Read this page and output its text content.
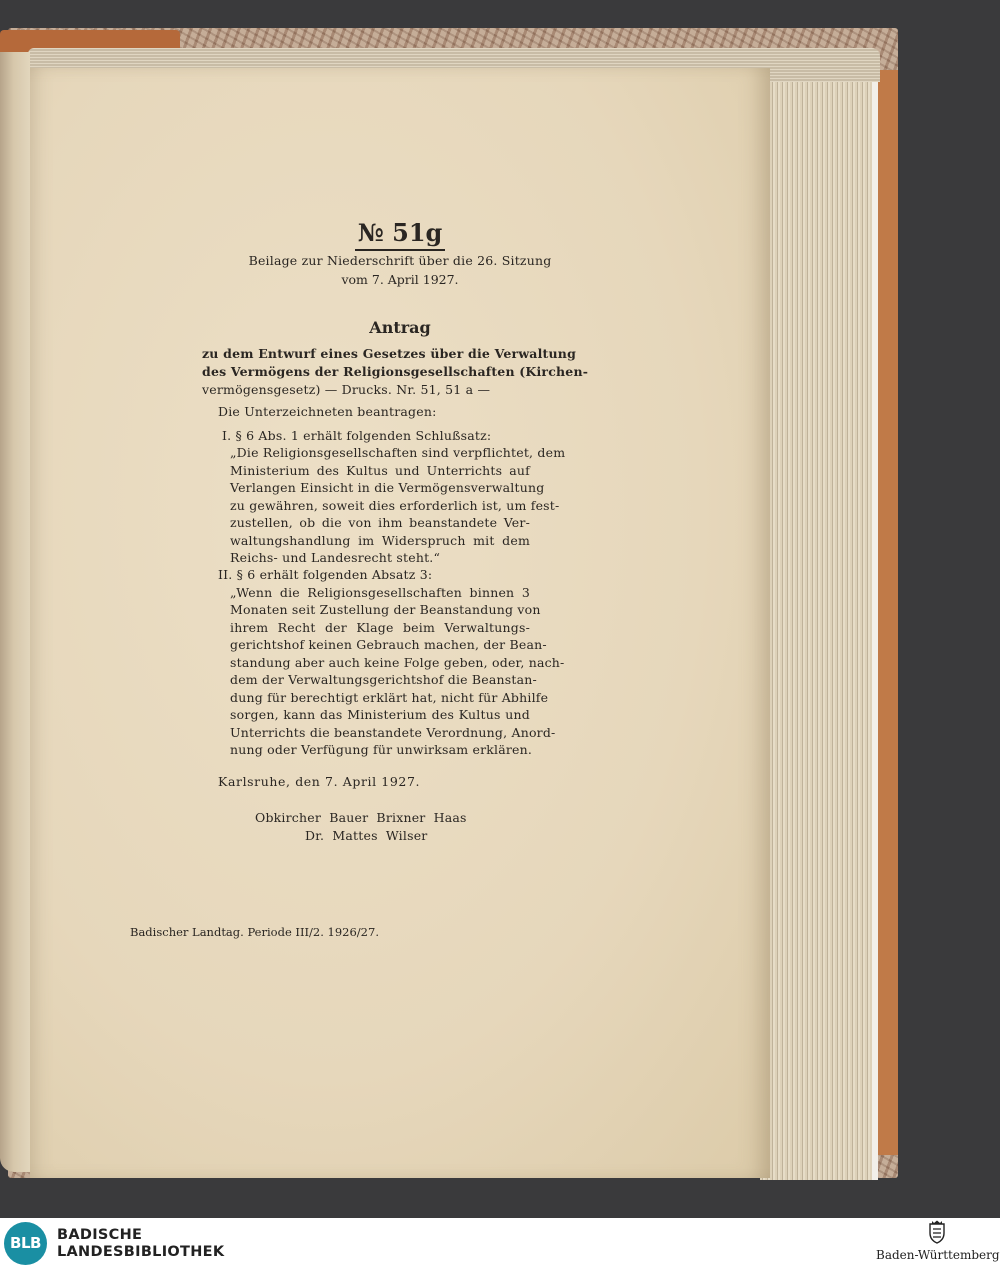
№ 51g
Beilage zur Niederschrift über die 26. Sitzung
vom 7. April 1927.
Antrag
zu dem Entwurf eines Gesetzes über die Verwaltung
des Vermögens der Religionsgesellschaften (Kirchen-
vermögensgesetz) — Drucks. Nr. 51, 51 a —
Die Unterzeichneten beantragen:
I. § 6 Abs. 1 erhält folgenden Schlußsatz:
„Die Religionsgesellschaften sind verpflichtet, dem
Ministerium des Kultus und Unterrichts auf
Verlangen Einsicht in die Vermögensverwaltung
zu gewähren, soweit dies erforderlich ist, um fest-
zustellen, ob die von ihm beanstandete Ver-
waltungshandlung im Widerspruch mit dem
Reichs- und Landesrecht steht.“
II. § 6 erhält folgenden Absatz 3:
„Wenn die Religionsgesellschaften binnen 3
Monaten seit Zustellung der Beanstandung von
ihrem Recht der Klage beim Verwaltungs-
gerichtshof keinen Gebrauch machen, der Bean-
standung aber auch keine Folge geben, oder, nach-
dem der Verwaltungsgerichtshof die Beanstan-
dung für berechtigt erklärt hat, nicht für Abhilfe
sorgen, kann das Ministerium des Kultus und
Unterrichts die beanstandete Verordnung, Anord-
nung oder Verfügung für unwirksam erklären.
Karlsruhe, den 7. April 1927.
Obkircher Bauer Brixner Haas
Dr. Mattes Wilser
Badischer Landtag. Periode III/2. 1926/27.
BLB	BADISCHE
LANDESBIBLIOTHEK	Baden-Württemberg
